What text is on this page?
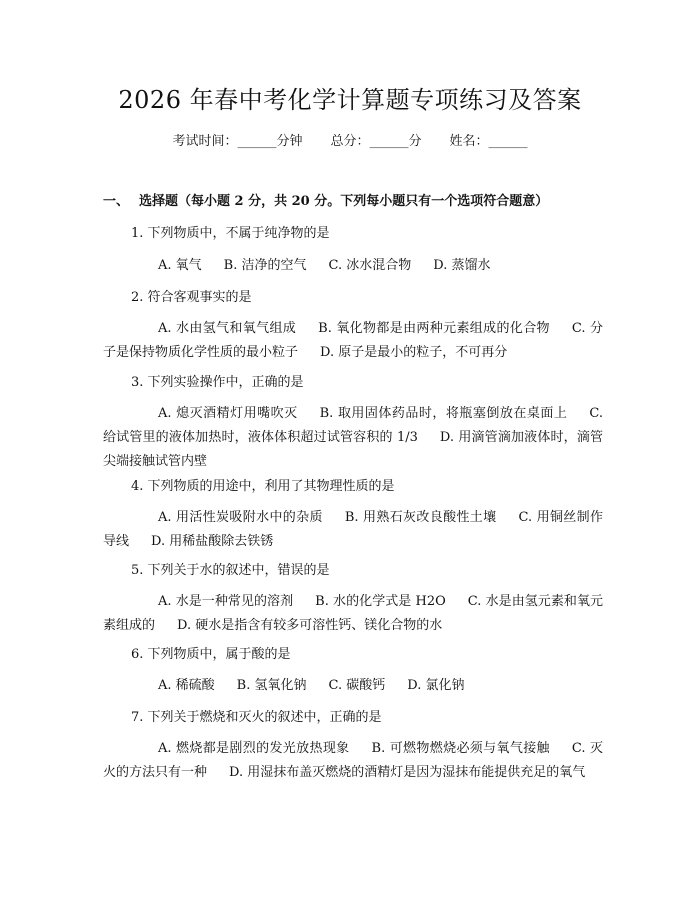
2026 年春中考化学计算题专项练习及答案
考试时间：______分钟 总分：______分 姓名：______
一、 选择题（每小题 2 分，共 20 分。下列每小题只有一个选项符合题意）
1. 下列物质中，不属于纯净物的是
A. 氧气 B. 洁净的空气 C. 冰水混合物 D. 蒸馏水
2. 符合客观事实的是
A. 水由氢气和氧气组成 B. 氧化物都是由两种元素组成的化合物 C. 分子是保持物质化学性质的最小粒子 D. 原子是最小的粒子，不可再分
3. 下列实验操作中，正确的是
A. 熄灭酒精灯用嘴吹灭 B. 取用固体药品时，将瓶塞倒放在桌面上 C. 给试管里的液体加热时，液体体积超过试管容积的 1/3 D. 用滴管滴加液体时，滴管尖端接触试管内壁
4. 下列物质的用途中，利用了其物理性质的是
A. 用活性炭吸附水中的杂质 B. 用熟石灰改良酸性土壤 C. 用铜丝制作导线 D. 用稀盐酸除去铁锈
5. 下列关于水的叙述中，错误的是
A. 水是一种常见的溶剂 B. 水的化学式是 H2O C. 水是由氢元素和氧元素组成的 D. 硬水是指含有较多可溶性钙、镁化合物的水
6. 下列物质中，属于酸的是
A. 稀硫酸 B. 氢氧化钠 C. 碳酸钙 D. 氯化钠
7. 下列关于燃烧和灭火的叙述中，正确的是
A. 燃烧都是剧烈的发光放热现象 B. 可燃物燃烧必须与氧气接触 C. 灭火的方法只有一种 D. 用湿抹布盖灭燃烧的酒精灯是因为湿抹布能提供充足的氧气
